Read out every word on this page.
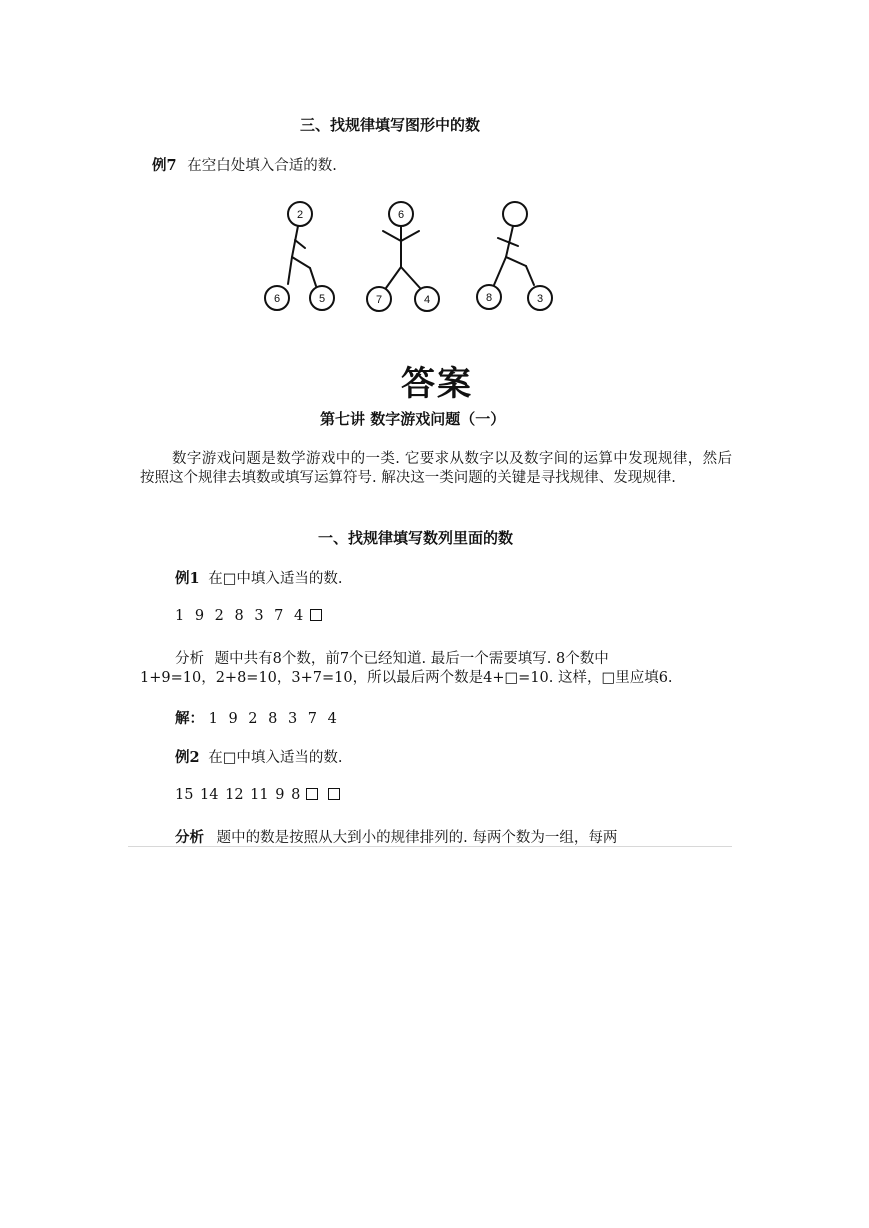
三、找规律填写图形中的数
例7 在空白处填入合适的数.
2
6	5
6
7	4	8	3
答案
第七讲 数字游戏问题（一）
数字游戏问题是数学游戏中的一类. 它要求从数字以及数字间的运算中发现规律，然后按照这个规律去填数或填写运算符号. 解决这一类问题的关键是寻找规律、发现规律.
一、找规律填写数列里面的数
例1 在□中填入适当的数.
1 9 2 8 3 7 4
分析 题中共有8个数，前7个已经知道. 最后一个需要填写. 8个数中
1+9=10，2+8=10，3+7=10，所以最后两个数是4+□=10. 这样，□里应填6.
解： 1 9 2 8 3 7 4
例2 在□中填入适当的数.
15 14 12 11 9 8
分析 题中的数是按照从大到小的规律排列的. 每两个数为一组，每两
